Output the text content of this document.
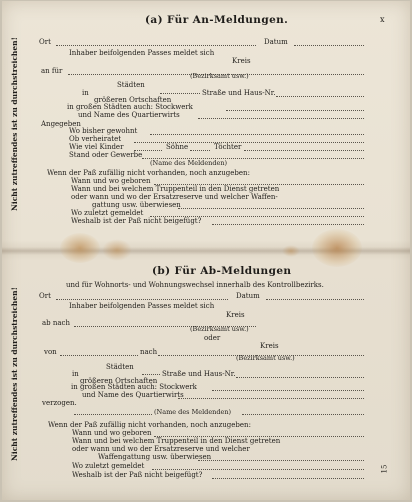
x
(a) Für An-Meldungen.
Ort	Datum
Inhaber beifolgenden Passes meldet sich
Kreis
an für
(Bezirksamt usw.)
Städten
in
größeren Ortschaften
Straße und Haus-Nr.
in großen Städten auch: Stockwerk
und Name des Quartierwirts
Angegeben
Wo bisher gewohnt
Ob verheiratet
Wie viel Kinder	Söhne	Töchter
Stand oder Gewerbe
(Name des Meldenden)
Wenn der Paß zufällig nicht vorhanden, noch anzugeben:
Wann und wo geboren
Wann und bei welchem Truppenteil in den Dienst getreten
oder wann und wo der Ersatzreserve und welcher Waffen-
gattung usw. überwiesen
Wo zuletzt gemeldet
Weshalb ist der Paß nicht beigefügt?
Nicht zutreffendes ist zu durchstreichen!
(b) Für Ab-Meldungen
und für Wohnorts- und Wohnungswechsel innerhalb des Kontrollbezirks.
Ort	Datum
Inhaber beifolgenden Passes meldet sich
Kreis
ab nach
(Bezirksamt usw.)
oder
Kreis
von	nach
(Bezirksamt usw.)
Städten
in
größeren Ortschaften
Straße und Haus-Nr.
in großen Städten auch: Stockwerk
und Name des Quartierwirts
verzogen.
(Name des Meldenden)
Wenn der Paß zufällig nicht vorhanden, noch anzugeben:
Wann und wo geboren
Wann und bei welchem Truppenteil in den Dienst getreten
oder wann und wo der Ersatzreserve und welcher
Waffengattung usw. überwiesen
Wo zuletzt gemeldet
Weshalb ist der Paß nicht beigefügt?
Nicht zutreffendes ist zu durchstreichen!
15
